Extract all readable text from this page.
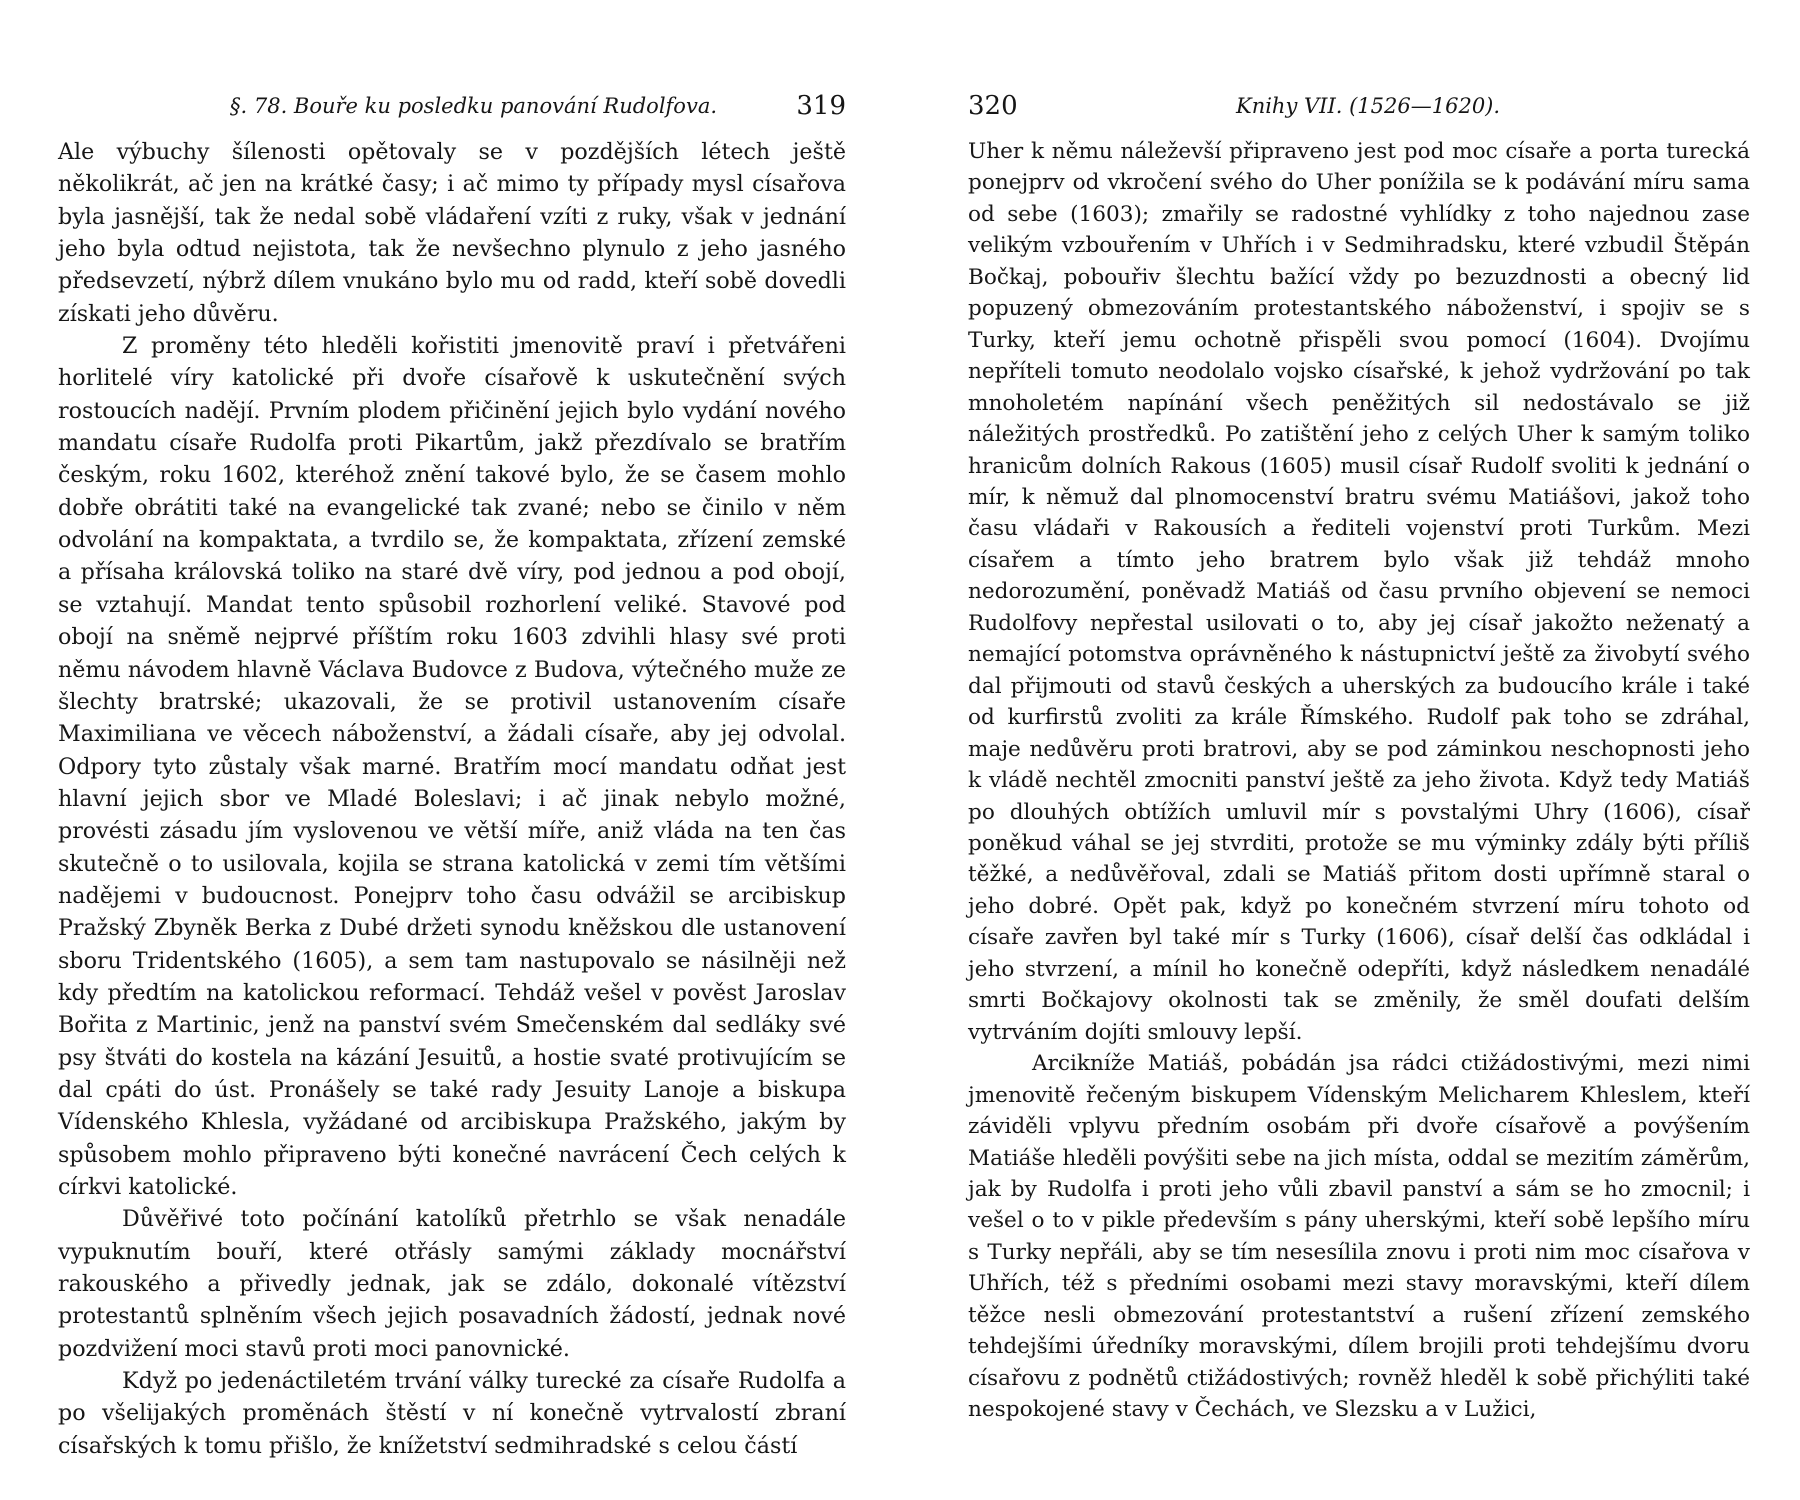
§. 78. Bouře ku posledku panování Rudolfova.	319

Ale výbuchy šílenosti opětovaly se v pozdějších létech ještě několikrát, ač jen na krátké časy; i ač mimo ty případy mysl císařova byla jasnější, tak že nedal sobě vládaření vzíti z ruky, však v jednání jeho byla odtud nejistota, tak že nevšechno plynulo z jeho jasného předsevzetí, nýbrž dílem vnukáno bylo mu od radd, kteří sobě dovedli získati jeho důvěru.

Z proměny této hleděli kořistiti jmenovitě praví i přetvářeni horlitelé víry katolické při dvoře císařově k uskutečnění svých rostoucích nadějí. Prvním plodem přičinění jejich bylo vydání nového mandatu císaře Rudolfa proti Pikartům, jakž přezdívalo se bratřím českým, roku 1602, kteréhož znění takové bylo, že se časem mohlo dobře obrátiti také na evangelické tak zvané; nebo se činilo v něm odvolání na kompaktata, a tvrdilo se, že kompaktata, zřízení zemské a přísaha královská toliko na staré dvě víry, pod jednou a pod obojí, se vztahují. Mandat tento spůsobil rozhorlení veliké. Stavové pod obojí na sněmě nejprvé příštím roku 1603 zdvihli hlasy své proti němu návodem hlavně Václava Budovce z Budova, výtečného muže ze šlechty bratrské; ukazovali, že se protivil ustanovením císaře Maximiliana ve věcech náboženství, a žádali císaře, aby jej odvolal. Odpory tyto zůstaly však marné. Bratřím mocí mandatu odňat jest hlavní jejich sbor ve Mladé Boleslavi; i ač jinak nebylo možné, provésti zásadu jím vyslovenou ve větší míře, aniž vláda na ten čas skutečně o to usilovala, kojila se strana katolická v zemi tím většími nadějemi v budoucnost. Ponejprv toho času odvážil se arcibiskup Pražský Zbyněk Berka z Dubé držeti synodu kněžskou dle ustanovení sboru Tridentského (1605), a sem tam nastupovalo se násilněji než kdy předtím na katolickou reformací. Tehdáž vešel v pověst Jaroslav Bořita z Martinic, jenž na panství svém Smečenském dal sedláky své psy štváti do kostela na kázání Jesuitů, a hostie svaté protivujícím se dal cpáti do úst. Pronášely se také rady Jesuity Lanoje a biskupa Vídenského Khlesla, vyžádané od arcibiskupa Pražského, jakým by spůsobem mohlo připraveno býti konečné navrácení Čech celých k církvi katolické.

Důvěřivé toto počínání katolíků přetrhlo se však nenadále vypuknutím bouří, které otřásly samými základy mocnářství rakouského a přivedly jednak, jak se zdálo, dokonalé vítězství protestantů splněním všech jejich posavadních žádostí, jednak nové pozdvižení moci stavů proti moci panovnické.

Když po jedenáctiletém trvání války turecké za císaře Rudolfa a po všelijakých proměnách štěstí v ní konečně vytrvalostí zbraní císařských k tomu přišlo, že knížetství sedmihradské s celou částí

320	Knihy VII. (1526—1620).

Uher k němu náleževší připraveno jest pod moc císaře a porta turecká ponejprv od vkročení svého do Uher ponížila se k podávání míru sama od sebe (1603); zmařily se radostné vyhlídky z toho najednou zase velikým vzbouřením v Uhřích i v Sedmihradsku, které vzbudil Štěpán Bočkaj, pobouřiv šlechtu bažící vždy po bezuzdnosti a obecný lid popuzený obmezováním protestantského náboženství, i spojiv se s Turky, kteří jemu ochotně přispěli svou pomocí (1604). Dvojímu nepříteli tomuto neodolalo vojsko císařské, k jehož vydržování po tak mnoholetém napínání všech peněžitých sil nedostávalo se již náležitých prostředků. Po zatištění jeho z celých Uher k samým toliko hranicům dolních Rakous (1605) musil císař Rudolf svoliti k jednání o mír, k němuž dal plnomocenství bratru svému Matiášovi, jakož toho času vládaři v Rakousích a řediteli vojenství proti Turkům. Mezi císařem a tímto jeho bratrem bylo však již tehdáž mnoho nedorozumění, poněvadž Matiáš od času prvního objevení se nemoci Rudolfovy nepřestal usilovati o to, aby jej císař jakožto neženatý a nemající potomstva oprávněného k nástupnictví ještě za živobytí svého dal přijmouti od stavů českých a uherských za budoucího krále i také od kurfirstů zvoliti za krále Římského. Rudolf pak toho se zdráhal, maje nedůvěru proti bratrovi, aby se pod záminkou neschopnosti jeho k vládě nechtěl zmocniti panství ještě za jeho života. Když tedy Matiáš po dlouhých obtížích umluvil mír s povstalými Uhry (1606), císař poněkud váhal se jej stvrditi, protože se mu výminky zdály býti příliš těžké, a nedůvěřoval, zdali se Matiáš přitom dosti upřímně staral o jeho dobré. Opět pak, když po konečném stvrzení míru tohoto od císaře zavřen byl také mír s Turky (1606), císař delší čas odkládal i jeho stvrzení, a mínil ho konečně odepříti, když následkem nenadálé smrti Bočkajovy okolnosti tak se změnily, že směl doufati delším vytrváním dojíti smlouvy lepší.

Arcikníže Matiáš, pobádán jsa rádci ctižádostivými, mezi nimi jmenovitě řečeným biskupem Vídenským Melicharem Khleslem, kteří záviděli vplyvu předním osobám při dvoře císařově a povýšením Matiáše hleděli povýšiti sebe na jich místa, oddal se mezitím záměrům, jak by Rudolfa i proti jeho vůli zbavil panství a sám se ho zmocnil; i vešel o to v pikle především s pány uherskými, kteří sobě lepšího míru s Turky nepřáli, aby se tím nesesílila znovu i proti nim moc císařova v Uhřích, též s předními osobami mezi stavy moravskými, kteří dílem těžce nesli obmezování protestantství a rušení zřízení zemského tehdejšími úředníky moravskými, dílem brojili proti tehdejšímu dvoru císařovu z podnětů ctižádostivých; rovněž hleděl k sobě přichýliti také nespokojené stavy v Čechách, ve Slezsku a v Lužici,
